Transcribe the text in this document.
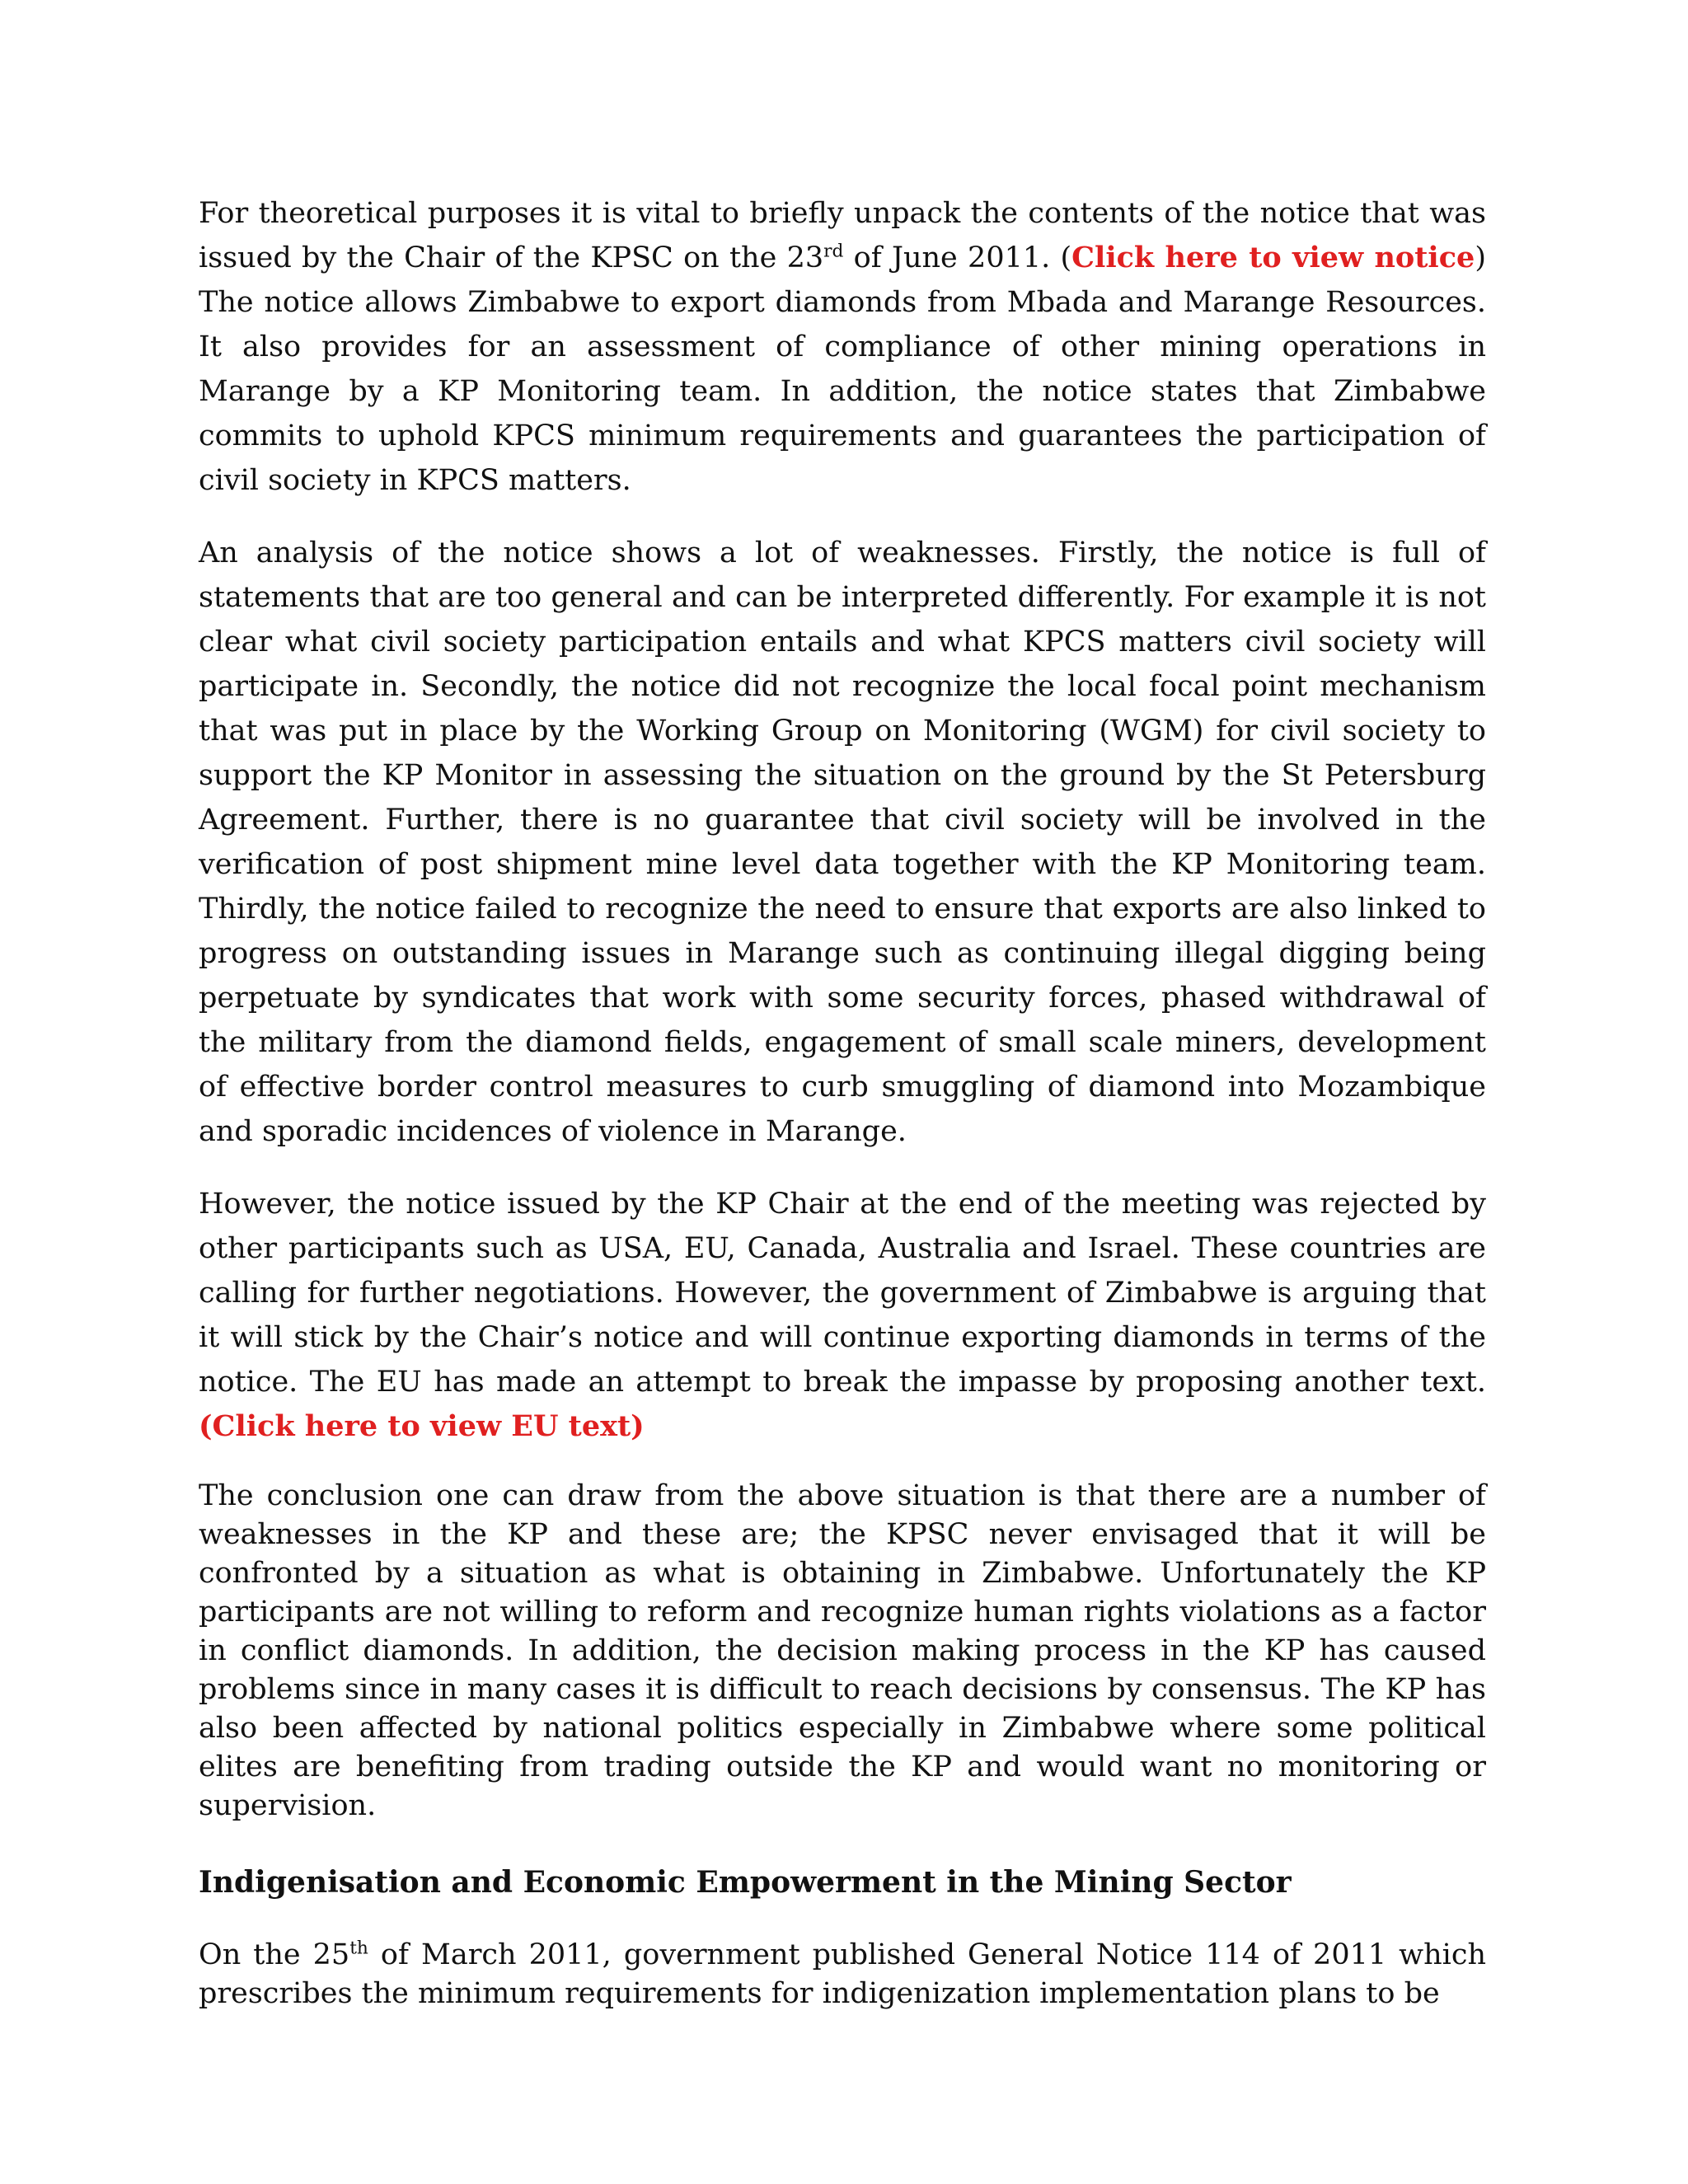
For theoretical purposes it is vital to briefly unpack the contents of the notice that was issued by the Chair of the KPSC on the 23rd of June 2011. (Click here to view notice) The notice allows Zimbabwe to export diamonds from Mbada and Marange Resources. It also provides for an assessment of compliance of other mining operations in Marange by a KP Monitoring team. In addition, the notice states that Zimbabwe commits to uphold KPCS minimum requirements and guarantees the participation of civil society in KPCS matters.

An analysis of the notice shows a lot of weaknesses. Firstly, the notice is full of statements that are too general and can be interpreted differently. For example it is not clear what civil society participation entails and what KPCS matters civil society will participate in. Secondly, the notice did not recognize the local focal point mechanism that was put in place by the Working Group on Monitoring (WGM) for civil society to support the KP Monitor in assessing the situation on the ground by the St Petersburg Agreement. Further, there is no guarantee that civil society will be involved in the verification of post shipment mine level data together with the KP Monitoring team. Thirdly, the notice failed to recognize the need to ensure that exports are also linked to progress on outstanding issues in Marange such as continuing illegal digging being perpetuate by syndicates that work with some security forces, phased withdrawal of the military from the diamond fields, engagement of small scale miners, development of effective border control measures to curb smuggling of diamond into Mozambique and sporadic incidences of violence in Marange.

However, the notice issued by the KP Chair at the end of the meeting was rejected by other participants such as USA, EU, Canada, Australia and Israel. These countries are calling for further negotiations. However, the government of Zimbabwe is arguing that it will stick by the Chair’s notice and will continue exporting diamonds in terms of the notice. The EU has made an attempt to break the impasse by proposing another text. (Click here to view EU text)

The conclusion one can draw from the above situation is that there are a number of weaknesses in the KP and these are; the KPSC never envisaged that it will be confronted by a situation as what is obtaining in Zimbabwe. Unfortunately the KP participants are not willing to reform and recognize human rights violations as a factor in conflict diamonds. In addition, the decision making process in the KP has caused problems since in many cases it is difficult to reach decisions by consensus. The KP has also been affected by national politics especially in Zimbabwe where some political elites are benefiting from trading outside the KP and would want no monitoring or supervision.

Indigenisation and Economic Empowerment in the Mining Sector

On the 25th of March 2011, government published General Notice 114 of 2011 which prescribes the minimum requirements for indigenization implementation plans to be
